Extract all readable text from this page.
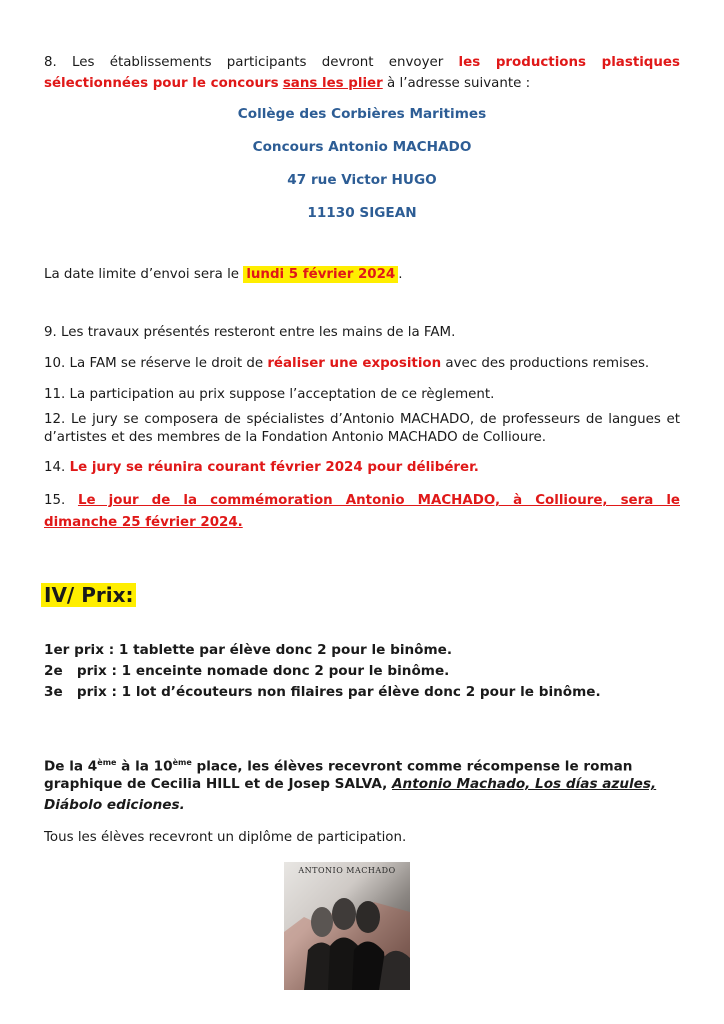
8. Les établissements participants devront envoyer les productions plastiques
sélectionnées pour le concours sans les plier à l’adresse suivante :
Collège des Corbières Maritimes
Concours Antonio MACHADO
47 rue Victor HUGO
11130 SIGEAN
La date limite d’envoi sera le lundi 5 février 2024 .
9. Les travaux présentés resteront entre les mains de la FAM.
10. La FAM se réserve le droit de réaliser une exposition avec des productions remises.
11. La participation au prix suppose l’acceptation de ce règlement.
12. Le jury se composera de spécialistes d’Antonio MACHADO, de professeurs de langues et
d’artistes et des membres de la Fondation Antonio MACHADO de Collioure.
14. Le jury se réunira courant février 2024 pour délibérer.
15. Le jour de la commémoration Antonio MACHADO, à Collioure, sera le
dimanche 25 février 2024.
IV/ Prix:
1er prix : 1 tablette par élève donc 2 pour le binôme.
2e   prix : 1 enceinte nomade donc 2 pour le binôme.
3e   prix : 1 lot d’écouteurs non filaires par élève donc 2 pour le binôme.
De la 4ème à la 10ème place, les élèves recevront comme récompense le roman
graphique de Cecilia HILL et de Josep SALVA, Antonio Machado, Los días azules,
Diábolo ediciones.
Tous les élèves recevront un diplôme de participation.
ANTONIO MACHADO
